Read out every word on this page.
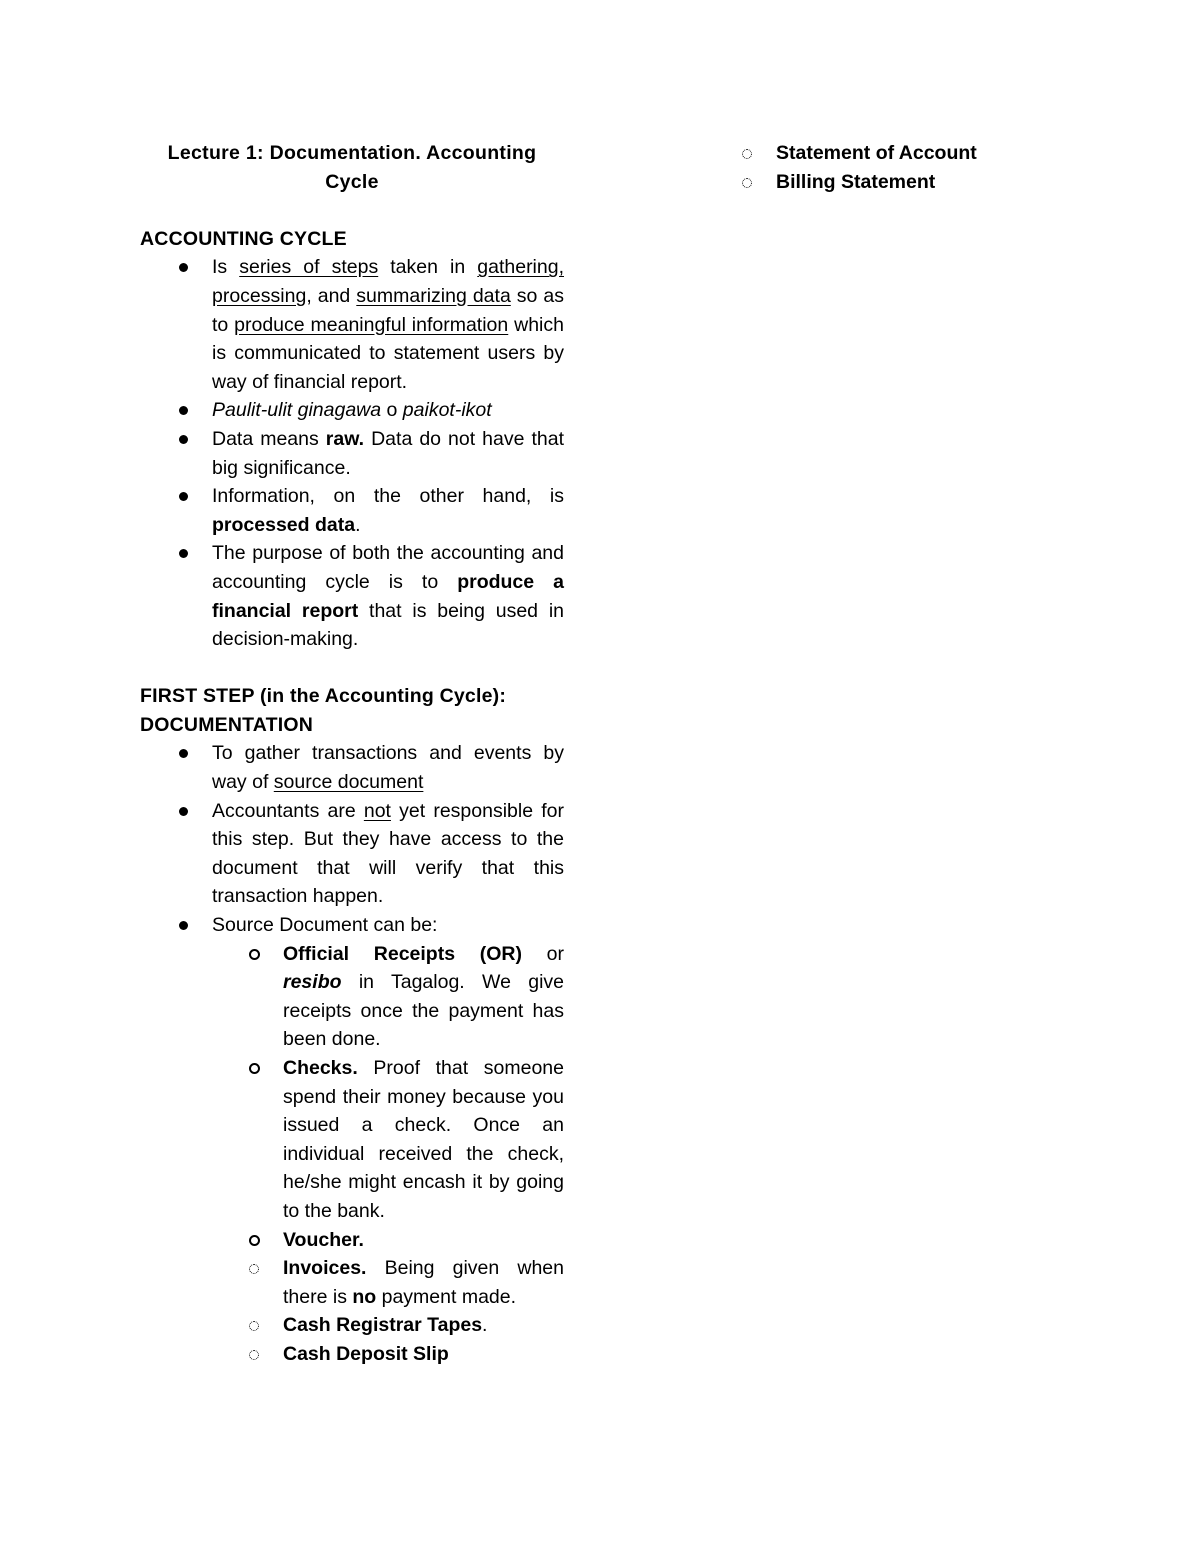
Lecture 1: Documentation. Accounting
Cycle

ACCOUNTING CYCLE

Is series of steps taken in gathering, processing, and summarizing data so as to produce meaningful information which is communicated to statement users by way of financial report.
Paulit-ulit ginagawa o paikot-ikot
Data means raw. Data do not have that big significance.
Information, on the other hand, is processed data.
The purpose of both the accounting and accounting cycle is to produce a financial report that is being used in decision-making.

FIRST STEP (in the Accounting Cycle):
DOCUMENTATION

To gather transactions and events by way of source document
Accountants are not yet responsible for this step. But they have access to the document that will verify that this transaction happen.
Source Document can be:
Official Receipts (OR) or resibo in Tagalog. We give receipts once the payment has been done.
Checks. Proof that someone spend their money because you issued a check. Once an individual received the check, he/she might encash it by going to the bank.
Voucher.
Invoices. Being given when there is no payment made.
Cash Registrar Tapes.
Cash Deposit Slip
Statement of Account
Billing Statement
